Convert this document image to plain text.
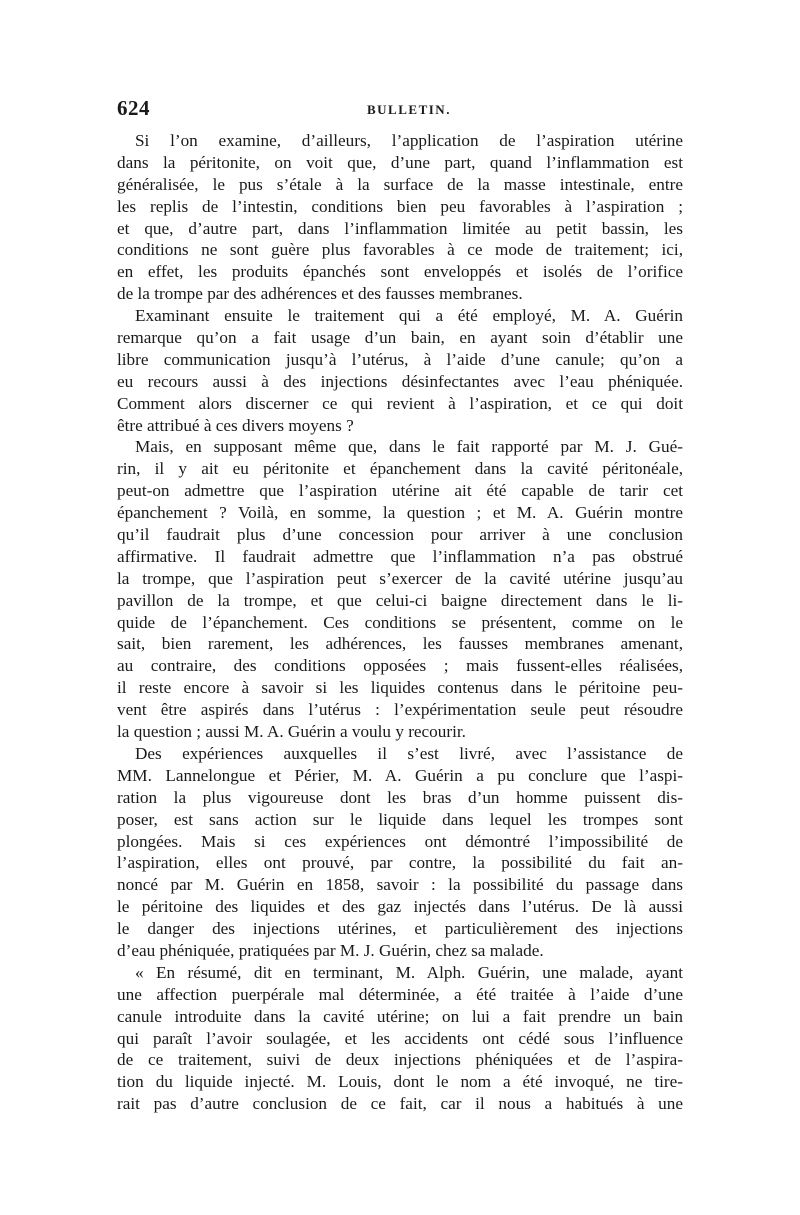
624	BULLETIN.
Si l’on examine, d’ailleurs, l’application de l’aspiration utérine
dans la péritonite, on voit que, d’une part, quand l’inflammation est
généralisée, le pus s’étale à la surface de la masse intestinale, entre
les replis de l’intestin, conditions bien peu favorables à l’aspiration ;
et que, d’autre part, dans l’inflammation limitée au petit bassin, les
conditions ne sont guère plus favorables à ce mode de traitement; ici,
en effet, les produits épanchés sont enveloppés et isolés de l’orifice
de la trompe par des adhérences et des fausses membranes.
Examinant ensuite le traitement qui a été employé, M. A. Guérin
remarque qu’on a fait usage d’un bain, en ayant soin d’établir une
libre communication jusqu’à l’utérus, à l’aide d’une canule; qu’on a
eu recours aussi à des injections désinfectantes avec l’eau phéniquée.
Comment alors discerner ce qui revient à l’aspiration, et ce qui doit
être attribué à ces divers moyens ?
Mais, en supposant même que, dans le fait rapporté par M. J. Gué-
rin, il y ait eu péritonite et épanchement dans la cavité péritonéale,
peut-on admettre que l’aspiration utérine ait été capable de tarir cet
épanchement ? Voilà, en somme, la question ; et M. A. Guérin montre
qu’il faudrait plus d’une concession pour arriver à une conclusion
affirmative. Il faudrait admettre que l’inflammation n’a pas obstrué
la trompe, que l’aspiration peut s’exercer de la cavité utérine jusqu’au
pavillon de la trompe, et que celui-ci baigne directement dans le li-
quide de l’épanchement. Ces conditions se présentent, comme on le
sait, bien rarement, les adhérences, les fausses membranes amenant,
au contraire, des conditions opposées ; mais fussent-elles réalisées,
il reste encore à savoir si les liquides contenus dans le péritoine peu-
vent être aspirés dans l’utérus : l’expérimentation seule peut résoudre
la question ; aussi M. A. Guérin a voulu y recourir.
Des expériences auxquelles il s’est livré, avec l’assistance de
MM. Lannelongue et Périer, M. A. Guérin a pu conclure que l’aspi-
ration la plus vigoureuse dont les bras d’un homme puissent dis-
poser, est sans action sur le liquide dans lequel les trompes sont
plongées. Mais si ces expériences ont démontré l’impossibilité de
l’aspiration, elles ont prouvé, par contre, la possibilité du fait an-
noncé par M. Guérin en 1858, savoir : la possibilité du passage dans
le péritoine des liquides et des gaz injectés dans l’utérus. De là aussi
le danger des injections utérines, et particulièrement des injections
d’eau phéniquée, pratiquées par M. J. Guérin, chez sa malade.
« En résumé, dit en terminant, M. Alph. Guérin, une malade, ayant
une affection puerpérale mal déterminée, a été traitée à l’aide d’une
canule introduite dans la cavité utérine; on lui a fait prendre un bain
qui paraît l’avoir soulagée, et les accidents ont cédé sous l’influence
de ce traitement, suivi de deux injections phéniquées et de l’aspira-
tion du liquide injecté. M. Louis, dont le nom a été invoqué, ne tire-
rait pas d’autre conclusion de ce fait, car il nous a habitués à une
